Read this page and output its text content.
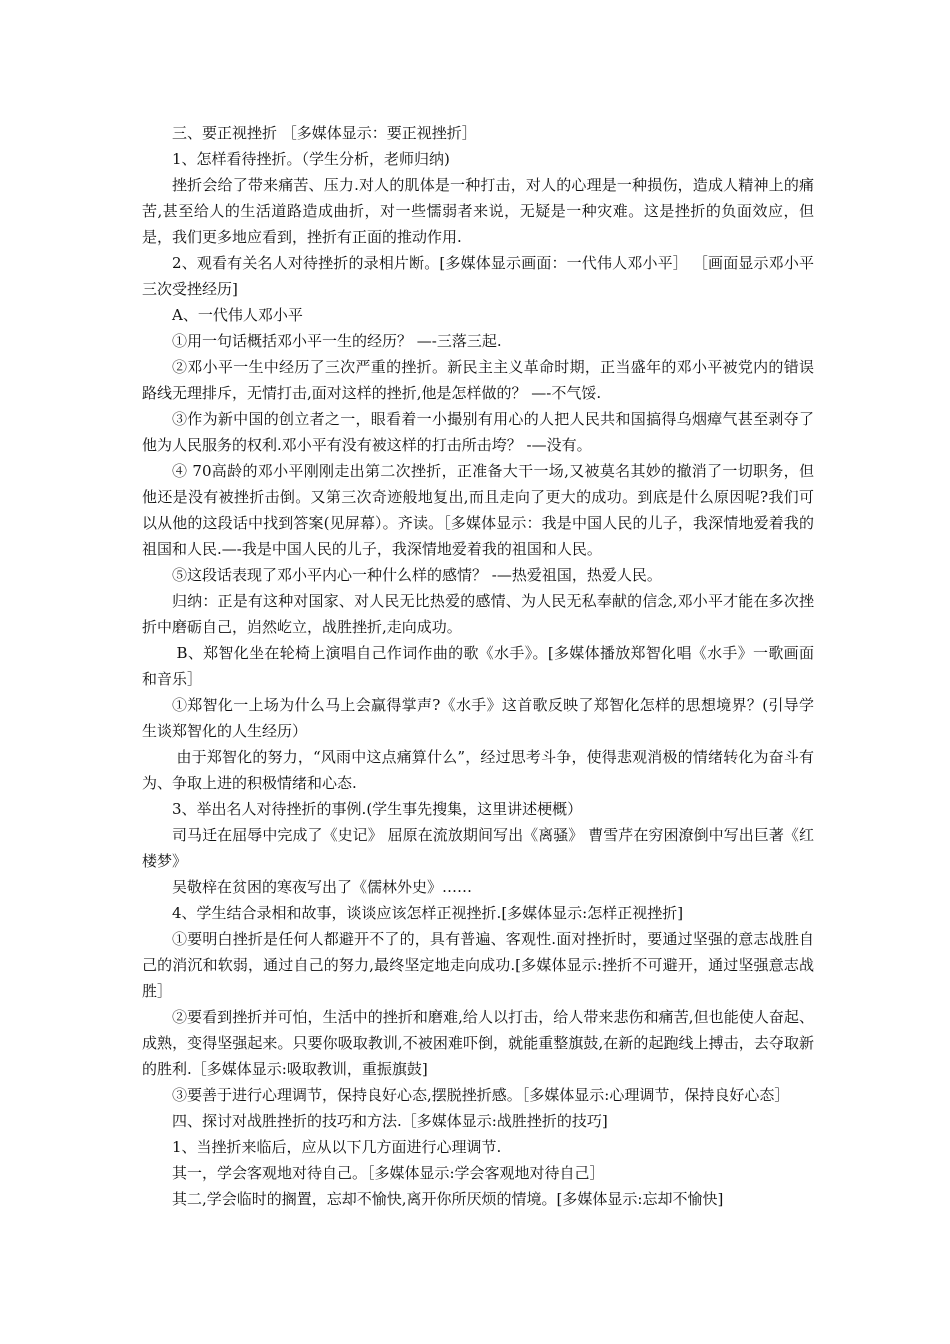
三、要正视挫折 ［多媒体显示：要正视挫折］

1、怎样看待挫折。（学生分析，老师归纳)

挫折会给了带来痛苦、压力.对人的肌体是一种打击，对人的心理是一种损伤，造成人精神上的痛苦,甚至给人的生活道路造成曲折，对一些懦弱者来说，无疑是一种灾难。这是挫折的负面效应，但是，我们更多地应看到，挫折有正面的推动作用.

2、观看有关名人对待挫折的录相片断。[多媒体显示画面：一代伟人邓小平］ ［画面显示邓小平三次受挫经历]

A、一代伟人邓小平

①用一句话概括邓小平一生的经历？ —-三落三起.

②邓小平一生中经历了三次严重的挫折。新民主主义革命时期，正当盛年的邓小平被党内的错误路线无理排斥，无情打击,面对这样的挫折,他是怎样做的？ —-不气馁.

③作为新中国的创立者之一，眼看着一小撮别有用心的人把人民共和国搞得乌烟瘴气甚至剥夺了他为人民服务的权利.邓小平有没有被这样的打击所击垮？ -—没有。

④ 70高龄的邓小平刚刚走出第二次挫折，正准备大干一场,又被莫名其妙的撤消了一切职务，但他还是没有被挫折击倒。又第三次奇迹般地复出,而且走向了更大的成功。到底是什么原因呢?我们可以从他的这段话中找到答案(见屏幕）。齐读。［多媒体显示：我是中国人民的儿子，我深情地爱着我的祖国和人民.—-我是中国人民的儿子，我深情地爱着我的祖国和人民。

⑤这段话表现了邓小平内心一种什么样的感情？ -—热爱祖国，热爱人民。

归纳：正是有这种对国家、对人民无比热爱的感情、为人民无私奉献的信念,邓小平才能在多次挫折中磨砺自己，岿然屹立，战胜挫折,走向成功。

B、郑智化坐在轮椅上演唱自己作词作曲的歌《水手》。[多媒体播放郑智化唱《水手》一歌画面和音乐］

①郑智化一上场为什么马上会赢得掌声?《水手》这首歌反映了郑智化怎样的思想境界？(引导学生谈郑智化的人生经历）

由于郑智化的努力，“风雨中这点痛算什么”，经过思考斗争，使得悲观消极的情绪转化为奋斗有为、争取上进的积极情绪和心态.

3、举出名人对待挫折的事例.(学生事先搜集，这里讲述梗概）

司马迁在屈辱中完成了《史记》 屈原在流放期间写出《离骚》 曹雪芹在穷困潦倒中写出巨著《红楼梦》

吴敬梓在贫困的寒夜写出了《儒林外史》……

4、学生结合录相和故事，谈谈应该怎样正视挫折.[多媒体显示:怎样正视挫折]

①要明白挫折是任何人都避开不了的，具有普遍、客观性.面对挫折时，要通过坚强的意志战胜自己的消沉和软弱，通过自己的努力,最终坚定地走向成功.[多媒体显示:挫折不可避开，通过坚强意志战胜］

②要看到挫折并可怕，生活中的挫折和磨难,给人以打击，给人带来悲伤和痛苦,但也能使人奋起、成熟，变得坚强起来。只要你吸取教训,不被困难吓倒，就能重整旗鼓,在新的起跑线上搏击，去夺取新的胜利.［多媒体显示:吸取教训，重振旗鼓]

③要善于进行心理调节，保持良好心态,摆脱挫折感。［多媒体显示:心理调节，保持良好心态］

四、探讨对战胜挫折的技巧和方法.［多媒体显示:战胜挫折的技巧]

1、当挫折来临后，应从以下几方面进行心理调节.

其一，学会客观地对待自己。［多媒体显示:学会客观地对待自己］

其二,学会临时的搁置，忘却不愉快,离开你所厌烦的情境。[多媒体显示:忘却不愉快]
